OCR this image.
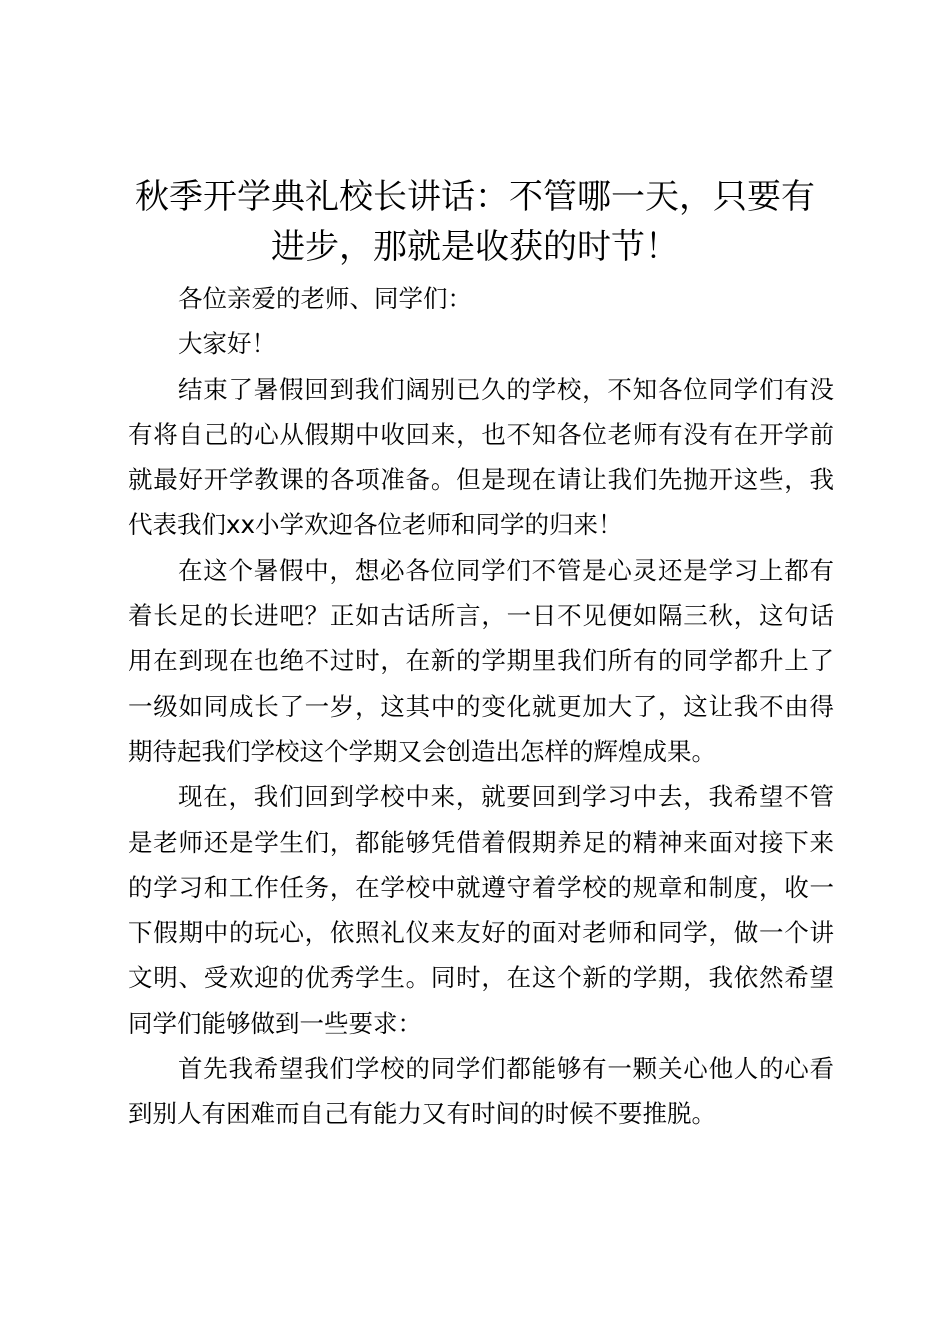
秋季开学典礼校长讲话：不管哪一天，只要有进步，那就是收获的时节！

各位亲爱的老师、同学们：

大家好！

结束了暑假回到我们阔别已久的学校，不知各位同学们有没有将自己的心从假期中收回来，也不知各位老师有没有在开学前就最好开学教课的各项准备。但是现在请让我们先抛开这些，我代表我们xx小学欢迎各位老师和同学的归来！

在这个暑假中，想必各位同学们不管是心灵还是学习上都有着长足的长进吧？正如古话所言，一日不见便如隔三秋，这句话用在到现在也绝不过时，在新的学期里我们所有的同学都升上了一级如同成长了一岁，这其中的变化就更加大了，这让我不由得期待起我们学校这个学期又会创造出怎样的辉煌成果。

现在，我们回到学校中来，就要回到学习中去，我希望不管是老师还是学生们，都能够凭借着假期养足的精神来面对接下来的学习和工作任务，在学校中就遵守着学校的规章和制度，收一下假期中的玩心，依照礼仪来友好的面对老师和同学，做一个讲文明、受欢迎的优秀学生。同时，在这个新的学期，我依然希望同学们能够做到一些要求：

首先我希望我们学校的同学们都能够有一颗关心他人的心看到别人有困难而自己有能力又有时间的时候不要推脱。
